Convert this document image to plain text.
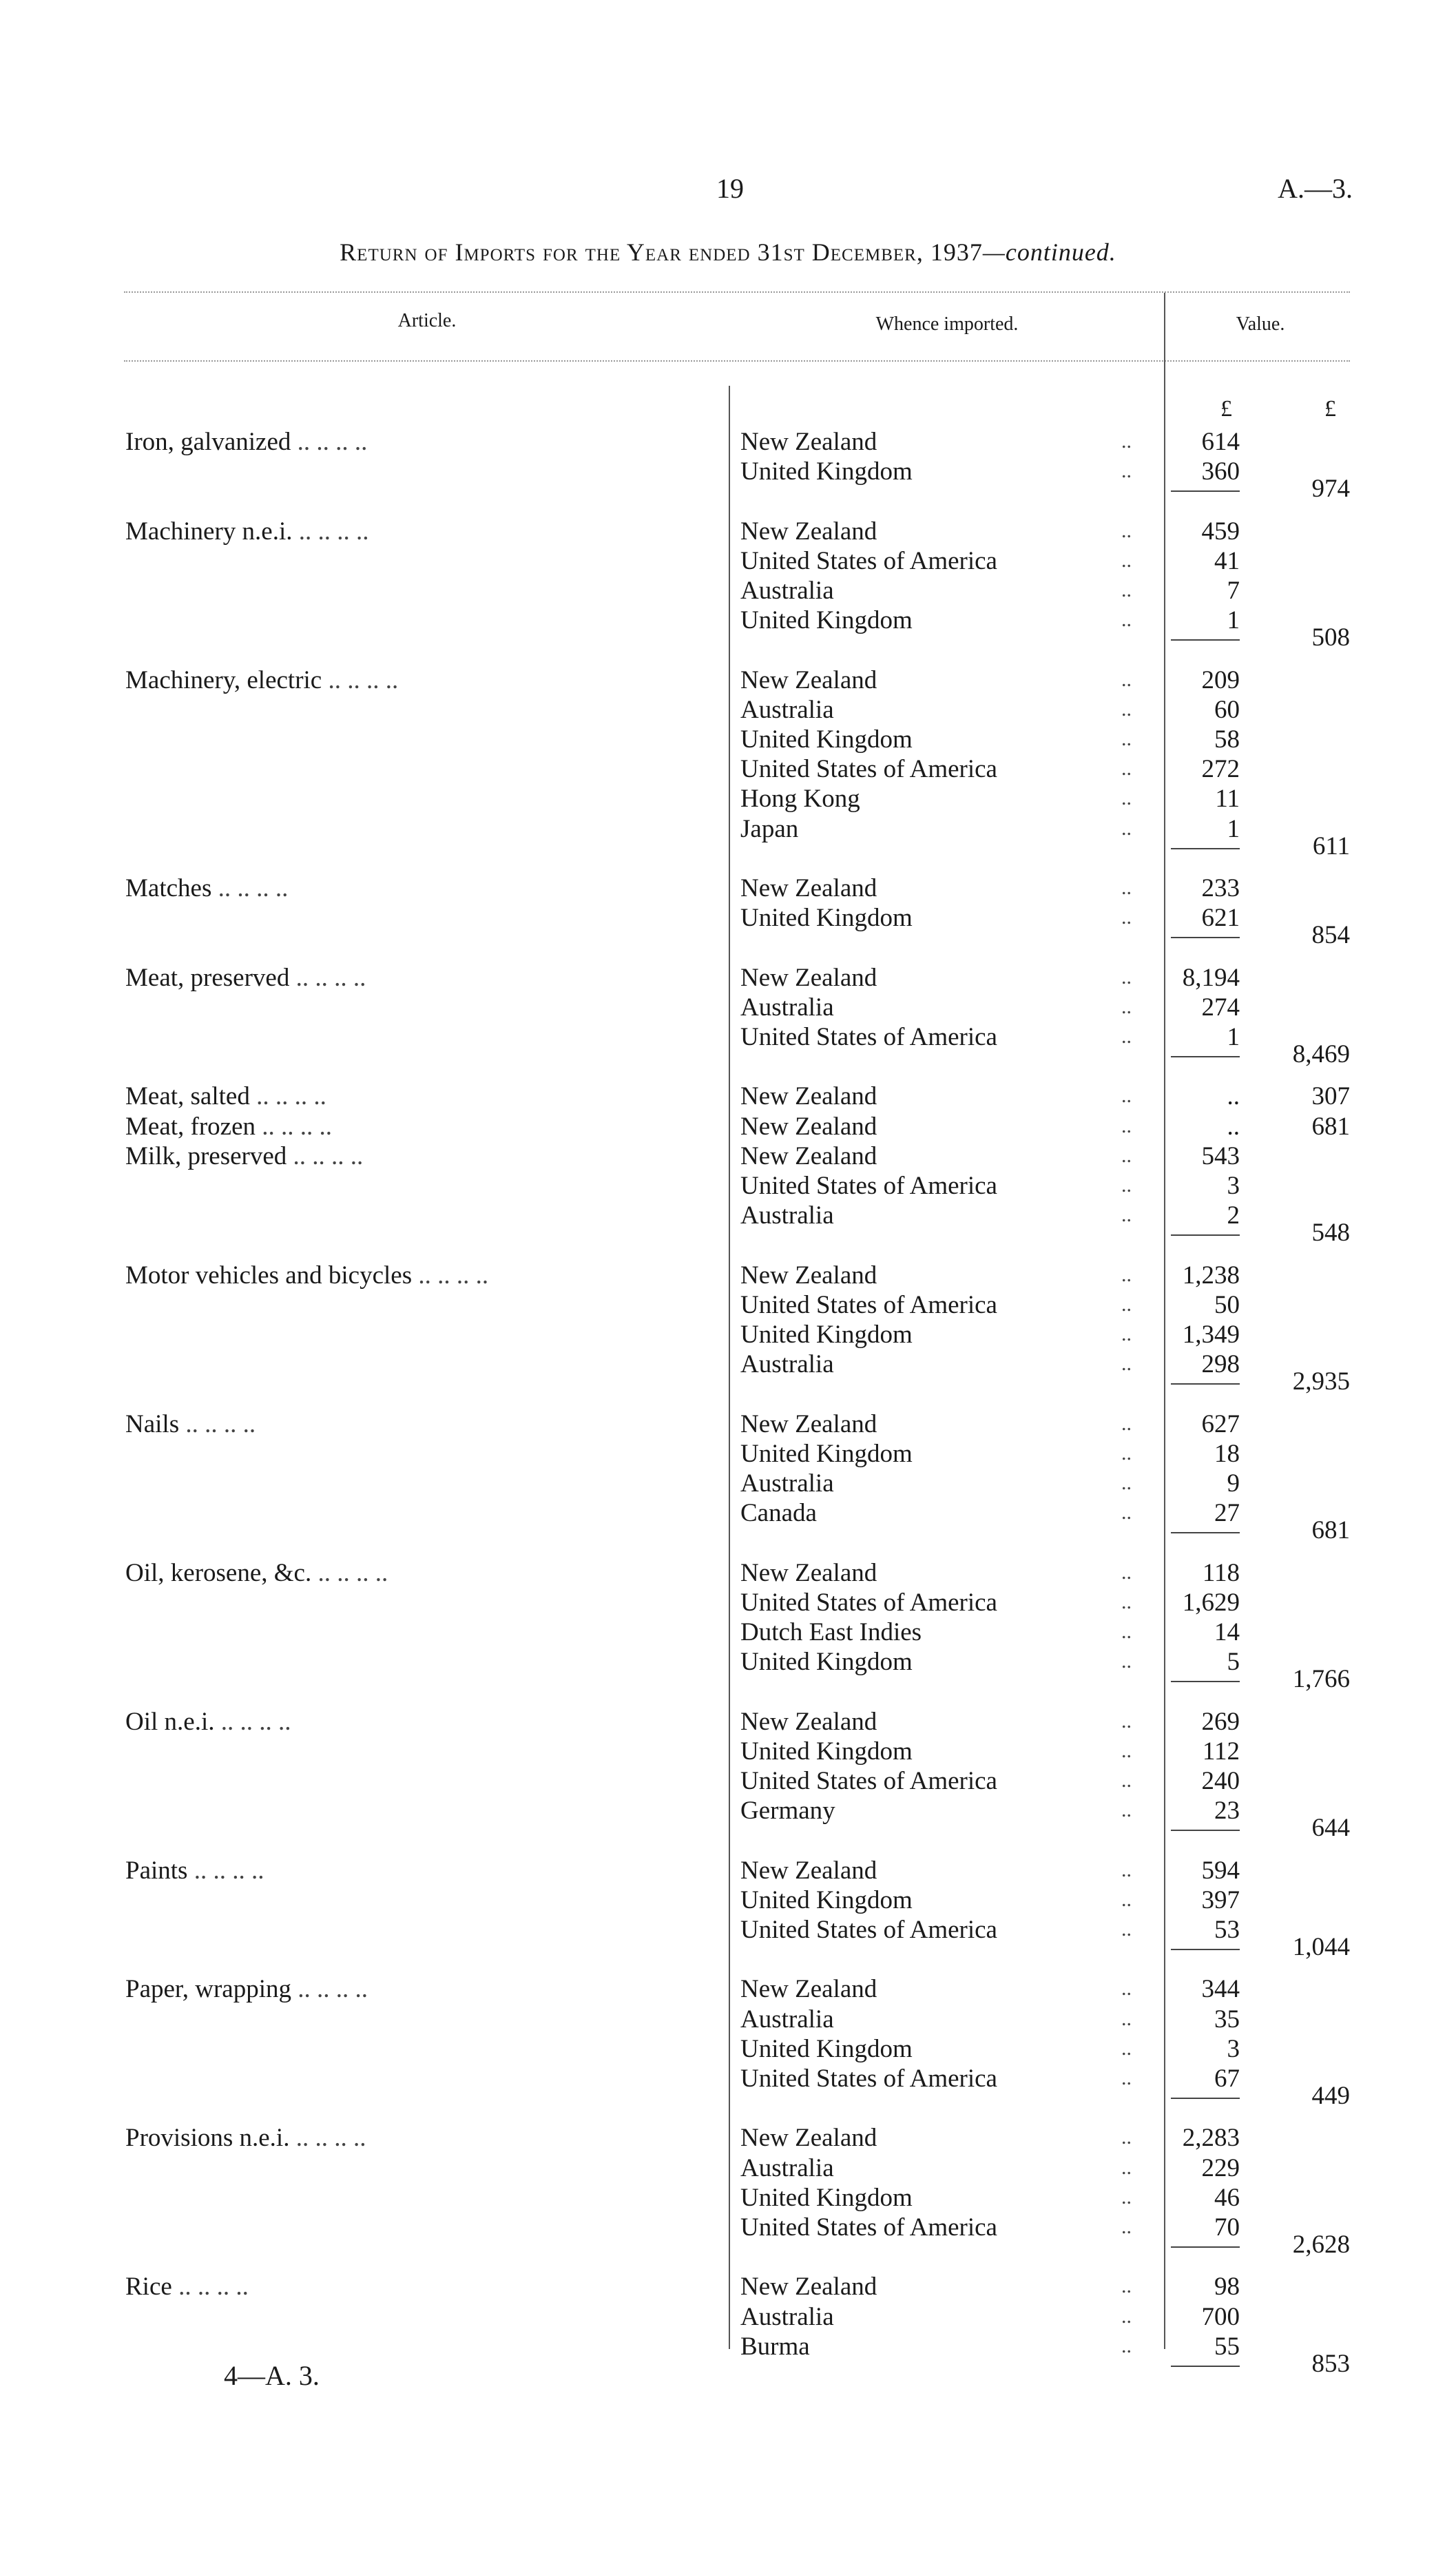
19	A.—3.
Return of Imports for the Year ended 31st December, 1937—continued.
Article.	Whence imported.	Value.
£	£
Iron, galvanized .. .. .. ..	New Zealand	..	614
United Kingdom	..	360
974
Machinery n.e.i. .. .. .. ..	New Zealand	..	459
United States of America	..	41
Australia	..	7
United Kingdom	..	1
508
Machinery, electric .. .. .. ..	New Zealand	..	209
Australia	..	60
United Kingdom	..	58
United States of America	..	272
Hong Kong	..	11
Japan	..	1
611
Matches .. .. .. ..	New Zealand	..	233
United Kingdom	..	621
854
Meat, preserved .. .. .. ..	New Zealand	..	8,194
Australia	..	274
United States of America	..	1
8,469
Meat, salted .. .. .. ..	New Zealand	..	..	307
Meat, frozen .. .. .. ..	New Zealand	..	..	681
Milk, preserved .. .. .. ..	New Zealand	..	543
United States of America	..	3
Australia	..	2
548
Motor vehicles and bicycles .. .. .. ..	New Zealand	..	1,238
United States of America	..	50
United Kingdom	..	1,349
Australia	..	298
2,935
Nails .. .. .. ..	New Zealand	..	627
United Kingdom	..	18
Australia	..	9
Canada	..	27
681
Oil, kerosene, &c. .. .. .. ..	New Zealand	..	118
United States of America	..	1,629
Dutch East Indies	..	14
United Kingdom	..	5
1,766
Oil n.e.i. .. .. .. ..	New Zealand	..	269
United Kingdom	..	112
United States of America	..	240
Germany	..	23
644
Paints .. .. .. ..	New Zealand	..	594
United Kingdom	..	397
United States of America	..	53
1,044
Paper, wrapping .. .. .. ..	New Zealand	..	344
Australia	..	35
United Kingdom	..	3
United States of America	..	67
449
Provisions n.e.i. .. .. .. ..	New Zealand	..	2,283
Australia	..	229
United Kingdom	..	46
United States of America	..	70
2,628
Rice .. .. .. ..	New Zealand	..	98
Australia	..	700
Burma	..	55
853
4—A. 3.
